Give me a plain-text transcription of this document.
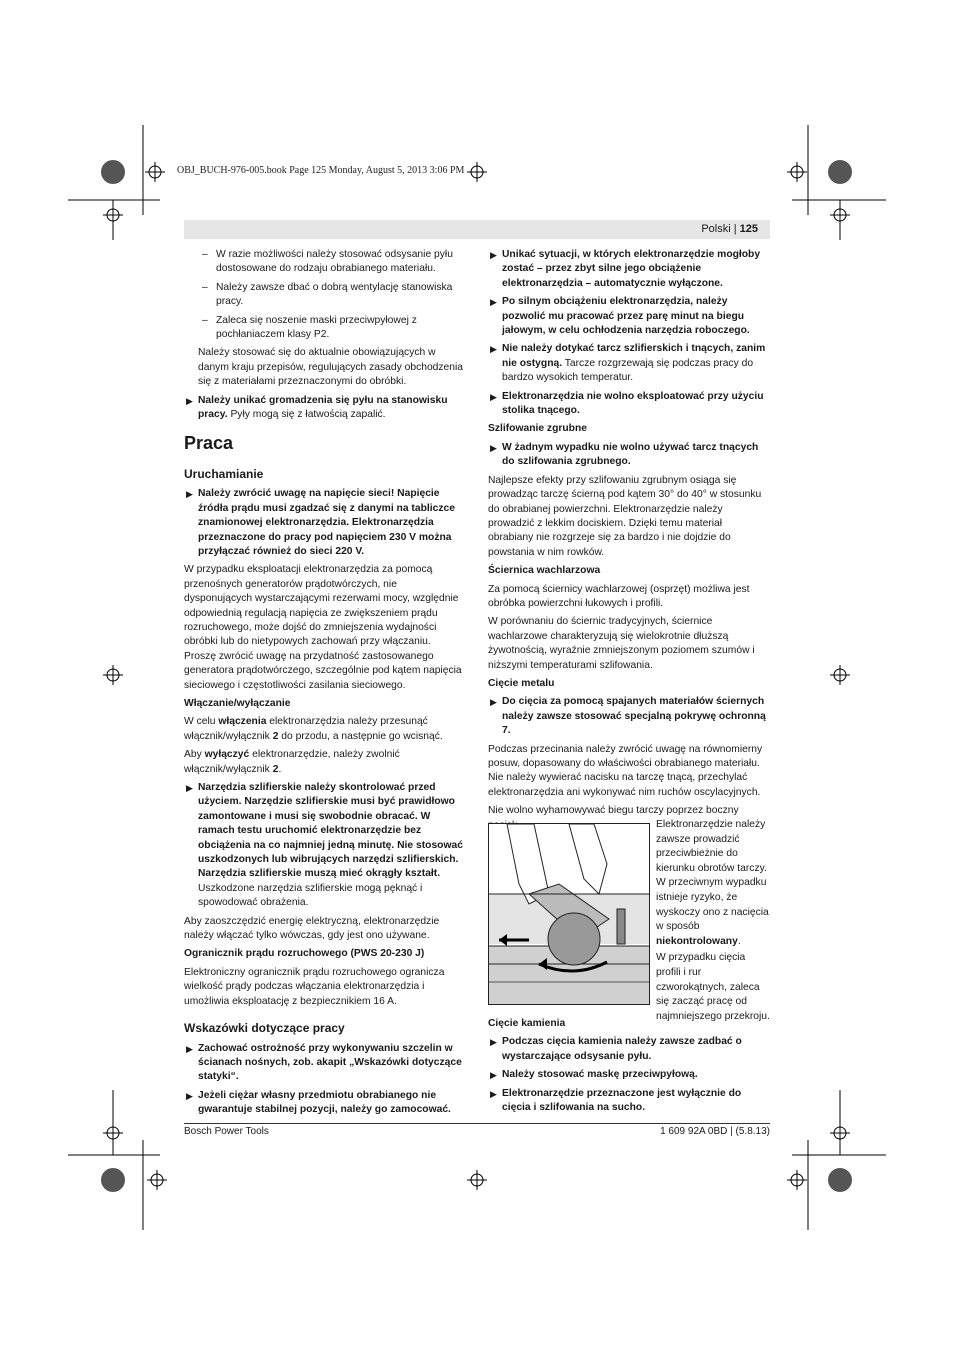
OBJ_BUCH-976-005.book Page 125 Monday, August 5, 2013 3:06 PM
Polski | 125

– W razie możliwości należy stosować odsysanie pyłu dostosowane do rodzaju obrabianego materiału.

– Należy zawsze dbać o dobrą wentylację stanowiska pracy.

– Zaleca się noszenie maski przeciwpyłowej z pochłaniaczem klasy P2.

Należy stosować się do aktualnie obowiązujących w danym kraju przepisów, regulujących zasady obchodzenia się z materiałami przeznaczonymi do obróbki.

▶ Należy unikać gromadzenia się pyłu na stanowisku pracy. Pyły mogą się z łatwością zapalić.

Praca
Uruchamianie

▶ Należy zwrócić uwagę na napięcie sieci! Napięcie źródła prądu musi zgadzać się z danymi na tabliczce znamionowej elektronarzędzia. Elektronarzędzia przeznaczone do pracy pod napięciem 230 V można przyłączać również do sieci 220 V.

W przypadku eksploatacji elektronarzędzia za pomocą przenośnych generatorów prądotwórczych, nie dysponujących wystarczającymi rezerwami mocy, względnie odpowiednią regulacją napięcia ze zwiększeniem prądu rozruchowego, może dojść do zmniejszenia wydajności obróbki lub do nietypowych zachowań przy włączaniu.

Proszę zwrócić uwagę na przydatność zastosowanego generatora prądotwórczego, szczególnie pod kątem napięcia sieciowego i częstotliwości zasilania sieciowego.

Włączanie/wyłączanie

W celu włączenia elektronarzędzia należy przesunąć włącznik/wyłącznik 2 do przodu, a następnie go wcisnąć.

Aby wyłączyć elektronarzędzie, należy zwolnić włącznik/wyłącznik 2.

▶ Narzędzia szlifierskie należy skontrolować przed użyciem. Narzędzie szlifierskie musi być prawidłowo zamontowane i musi się swobodnie obracać. W ramach testu uruchomić elektronarzędzie bez obciążenia na co najmniej jedną minutę. Nie stosować uszkodzonych lub wibrujących narzędzi szlifierskich. Narzędzia szlifierskie muszą mieć okrągły kształt. Uszkodzone narzędzia szlifierskie mogą pęknąć i spowodować obrażenia.

Aby zaoszczędzić energię elektryczną, elektronarzędzie należy włączać tylko wówczas, gdy jest ono używane.

Ogranicznik prądu rozruchowego (PWS 20-230 J)

Elektroniczny ogranicznik prądu rozruchowego ogranicza wielkość prądy podczas włączania elektronarzędzia i umożliwia eksploatację z bezpiecznikiem 16 A.

Wskazówki dotyczące pracy

▶ Zachować ostrożność przy wykonywaniu szczelin w ścianach nośnych, zob. akapit „Wskazówki dotyczące statyki“.

▶ Jeżeli ciężar własny przedmiotu obrabianego nie gwarantuje stabilnej pozycji, należy go zamocować.

▶ Unikać sytuacji, w których elektronarzędzie mogłoby zostać – przez zbyt silne jego obciążenie elektronarzędzia – automatycznie wyłączone.

▶ Po silnym obciążeniu elektronarzędzia, należy pozwolić mu pracować przez parę minut na biegu jałowym, w celu ochłodzenia narzędzia roboczego.

▶ Nie należy dotykać tarcz szlifierskich i tnących, zanim nie ostygną. Tarcze rozgrzewają się podczas pracy do bardzo wysokich temperatur.

▶ Elektronarzędzia nie wolno eksploatować przy użyciu stolika tnącego.

Szlifowanie zgrubne

▶ W żadnym wypadku nie wolno używać tarcz tnących do szlifowania zgrubnego.

Najlepsze efekty przy szlifowaniu zgrubnym osiąga się prowadząc tarczę ścierną pod kątem 30° do 40° w stosunku do obrabianej powierzchni. Elektronarzędzie należy prowadzić z lekkim dociskiem. Dzięki temu materiał obrabiany nie rozgrzeje się za bardzo i nie dojdzie do powstania w nim rowków.

Ściernica wachlarzowa

Za pomocą ściernicy wachlarzowej (osprzęt) możliwa jest obróbka powierzchni łukowych i profili.

W porównaniu do ściernic tradycyjnych, ściernice wachlarzowe charakteryzują się wielokrotnie dłuższą żywotnością, wyraźnie zmniejszonym poziomem szumów i niższymi temperaturami szlifowania.

Cięcie metalu

▶ Do cięcia za pomocą spajanych materiałów ściernych należy zawsze stosować specjalną pokrywę ochronną 7.

Podczas przecinania należy zwrócić uwagę na równomierny posuw, dopasowany do właściwości obrabianego materiału. Nie należy wywierać nacisku na tarczę tnącą, przechylać elektronarzędzia ani wykonywać nim ruchów oscylacyjnych.

Nie wolno wyhamowywać biegu tarczy poprzez boczny

Elektronarzędzie należy zawsze prowadzić przeciwbieżnie do kierunku obrotów tarczy. W przeciwnym wypadku istnieje ryzyko, że wyskoczy ono z nacięcia w sposób niekontrolowany.

W przypadku cięcia profili i rur czworokątnych, zaleca się zacząć pracę od najmniejszego przekroju.

Cięcie kamienia

▶ Podczas cięcia kamienia należy zawsze zadbać o wystarczające odsysanie pyłu.

▶ Należy stosować maskę przeciwpyłową.

▶ Elektronarzędzie przeznaczone jest wyłącznie do cięcia i szlifowania na sucho.

Bosch Power Tools	1 609 92A 0BD | (5.8.13)
